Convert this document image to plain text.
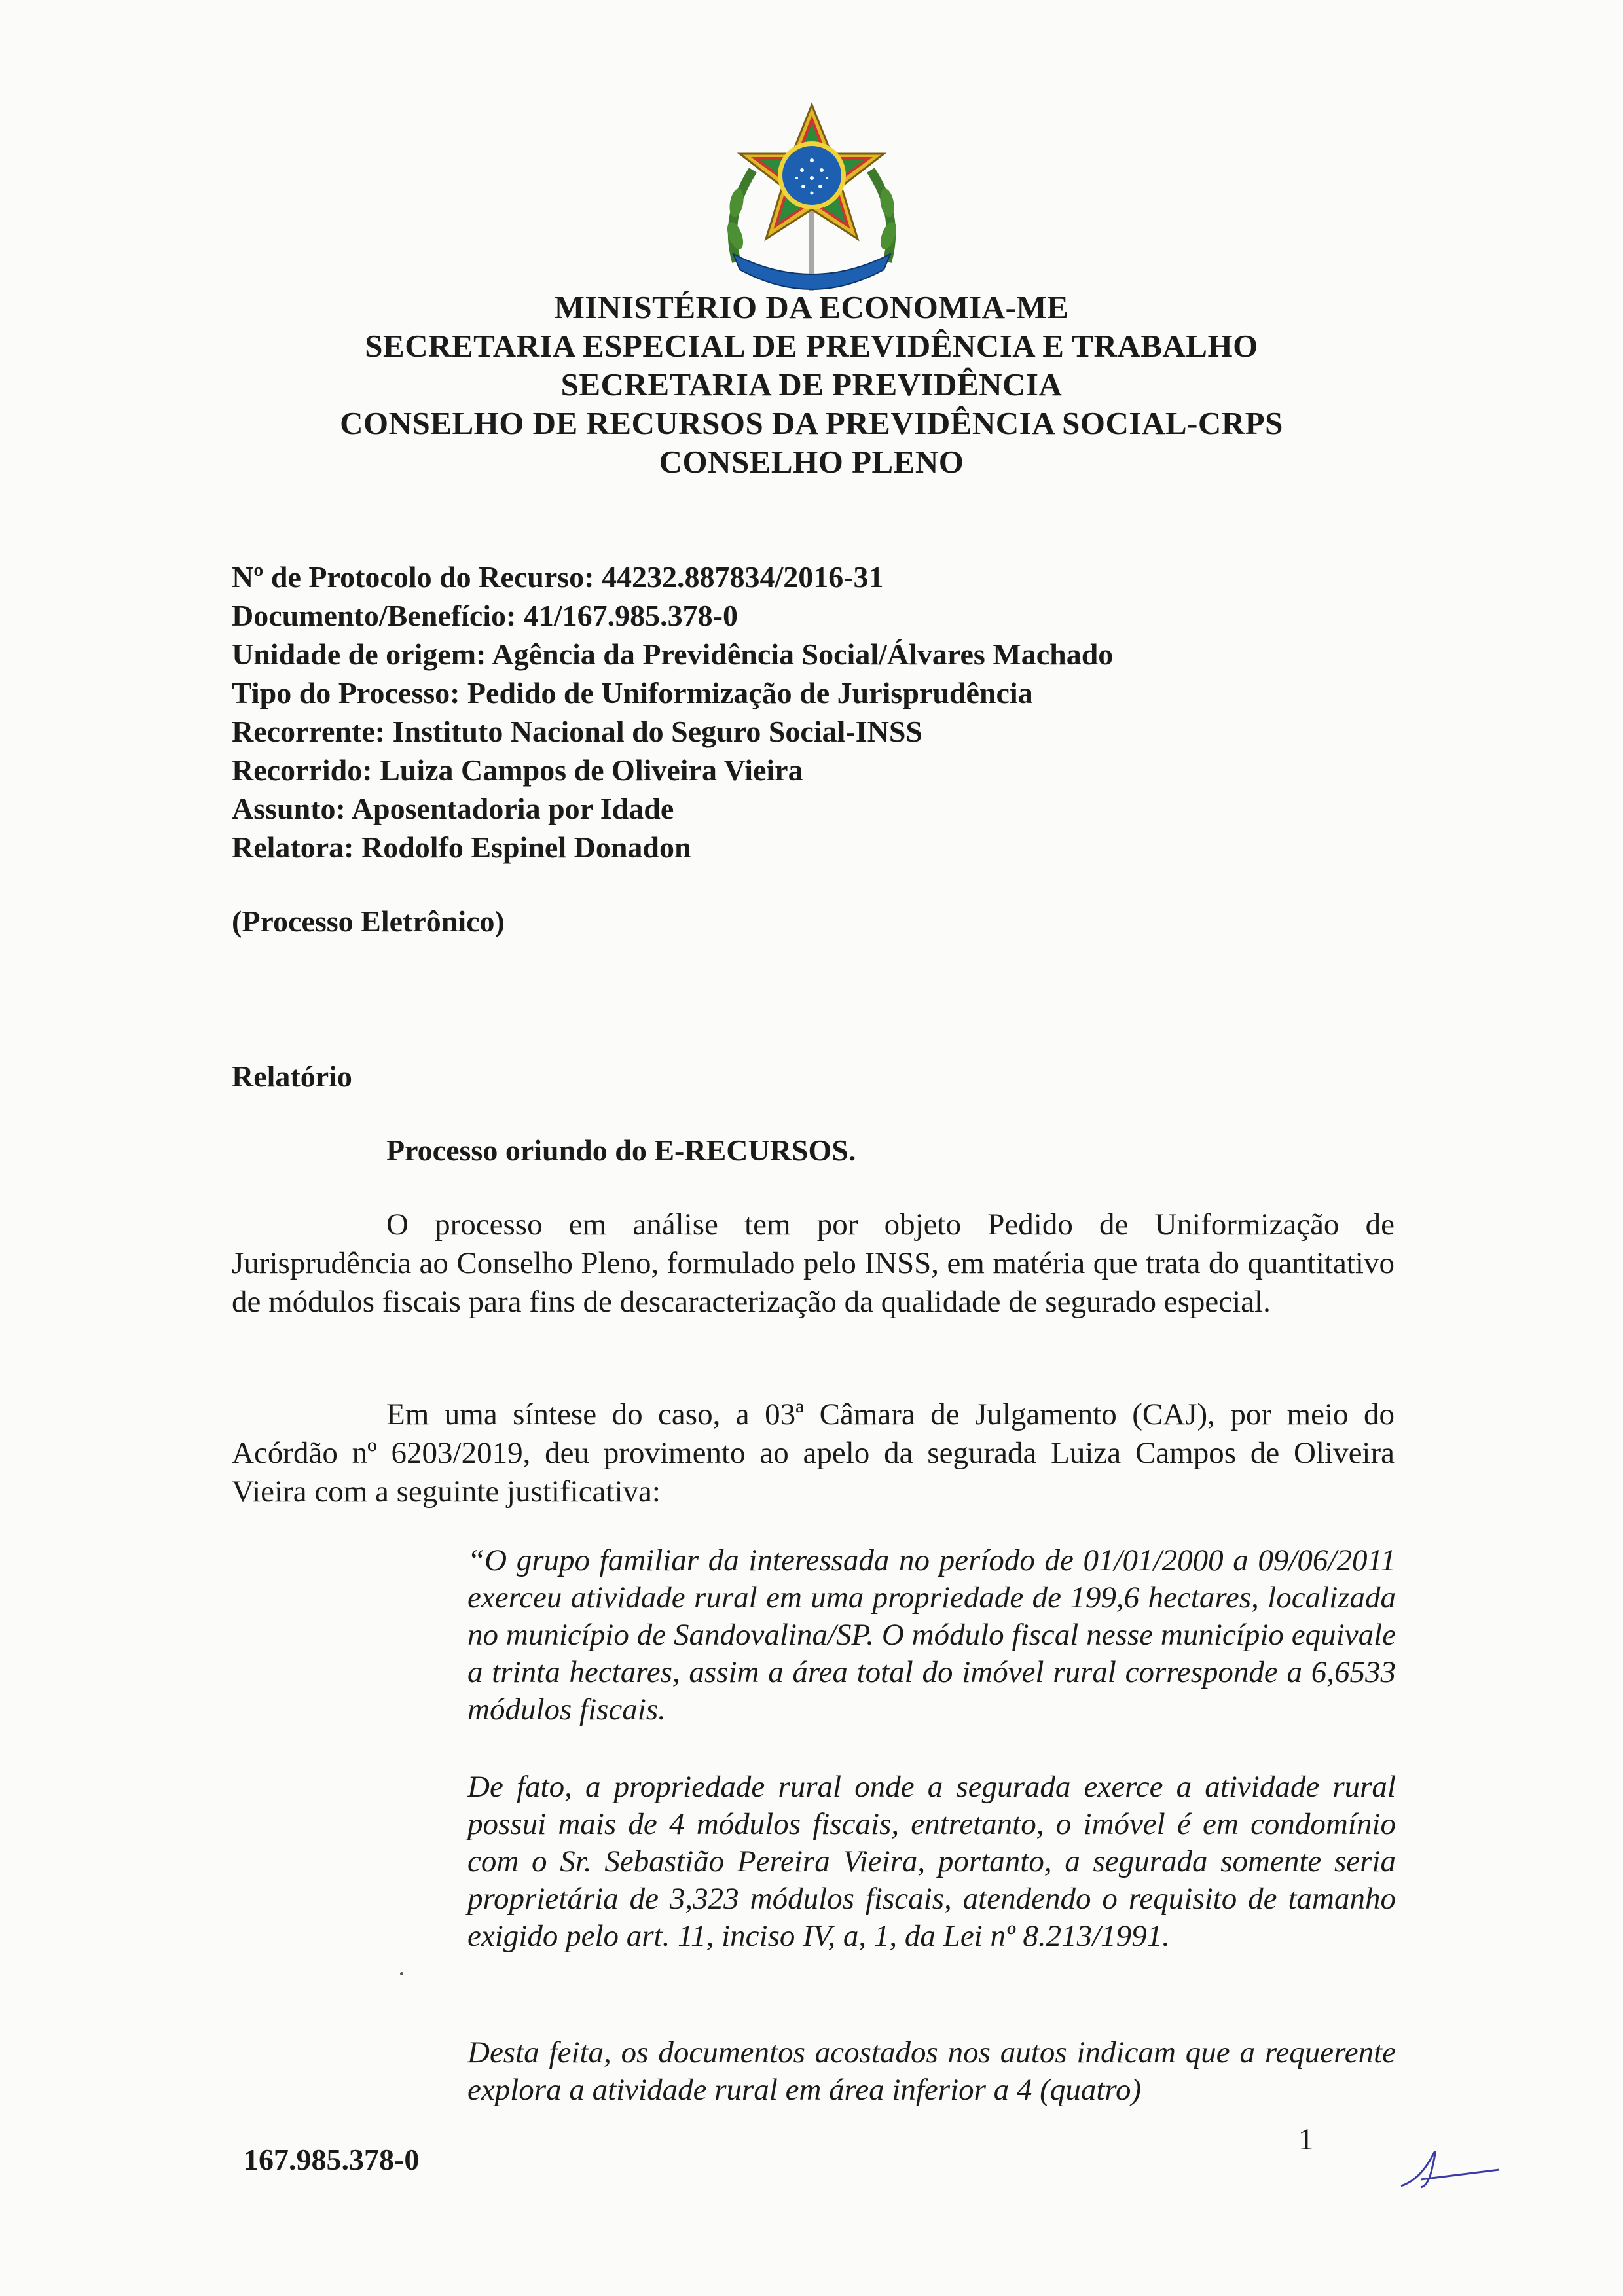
MINISTÉRIO DA ECONOMIA-ME

SECRETARIA ESPECIAL DE PREVIDÊNCIA E TRABALHO

SECRETARIA DE PREVIDÊNCIA

CONSELHO DE RECURSOS DA PREVIDÊNCIA SOCIAL-CRPS

CONSELHO PLENO

Nº de Protocolo do Recurso: 44232.887834/2016-31

Documento/Benefício: 41/167.985.378-0

Unidade de origem: Agência da Previdência Social/Álvares Machado

Tipo do Processo: Pedido de Uniformização de Jurisprudência

Recorrente: Instituto Nacional do Seguro Social-INSS

Recorrido: Luiza Campos de Oliveira Vieira

Assunto: Aposentadoria por Idade

Relatora: Rodolfo Espinel Donadon

(Processo Eletrônico)
Relatório
Processo oriundo do E-RECURSOS.

O processo em análise tem por objeto Pedido de Uniformização de Jurisprudência ao Conselho Pleno, formulado pelo INSS, em matéria que trata do quantitativo de módulos fiscais para fins de descaracterização da qualidade de segurado especial.

Em uma síntese do caso, a 03ª Câmara de Julgamento (CAJ), por meio do Acórdão nº 6203/2019, deu provimento ao apelo da segurada Luiza Campos de Oliveira Vieira com a seguinte justificativa:

“O grupo familiar da interessada no período de 01/01/2000 a 09/06/2011 exerceu atividade rural em uma propriedade de 199,6 hectares, localizada no município de Sandovalina/SP. O módulo fiscal nesse município equivale a trinta hectares, assim a área total do imóvel rural corresponde a 6,6533 módulos fiscais.

De fato, a propriedade rural onde a segurada exerce a atividade rural possui mais de 4 módulos fiscais, entretanto, o imóvel é em condomínio com o Sr. Sebastião Pereira Vieira, portanto, a segurada somente seria proprietária de 3,323 módulos fiscais, atendendo o requisito de tamanho exigido pelo art. 11, inciso IV, a, 1, da Lei nº 8.213/1991.

Desta feita, os documentos acostados nos autos indicam que a requerente explora a atividade rural em área inferior a 4 (quatro)

167.985.378-0
1
